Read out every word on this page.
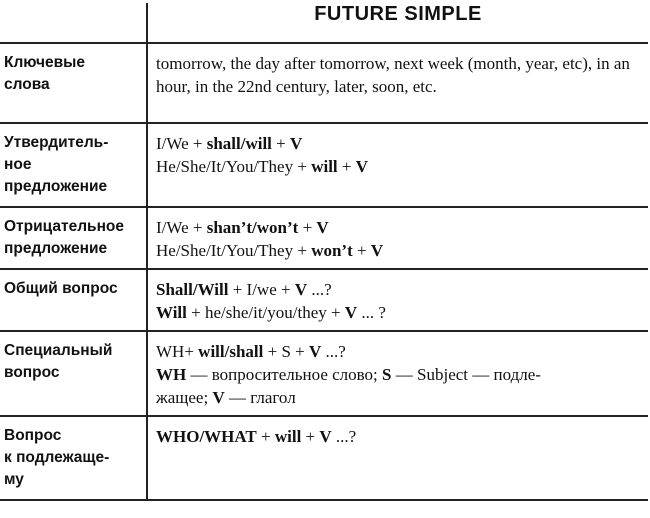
	FUTURE SIMPLE

Ключевые
слова	tomorrow, the day after tomorrow, next week (month, year, etc), in an hour, in the 22nd century, later, soon, etc.

Утвердитель-
ное
предложение	I/We + shall/will + V
He/She/It/You/They + will + V

Отрицательное
предложение	I/We + shan’t/won’t + V
He/She/It/You/They + won’t + V

Общий вопрос	Shall/Will + I/we + V ...?
Will + he/she/it/you/they + V ... ?

Специальный
вопрос	WH+ will/shall + S + V ...?
WH — вопросительное слово; S — Subject — подле-
жащее; V — глагол

Вопрос
к подлежаще-
му	WHO/WHAT + will + V ...?
